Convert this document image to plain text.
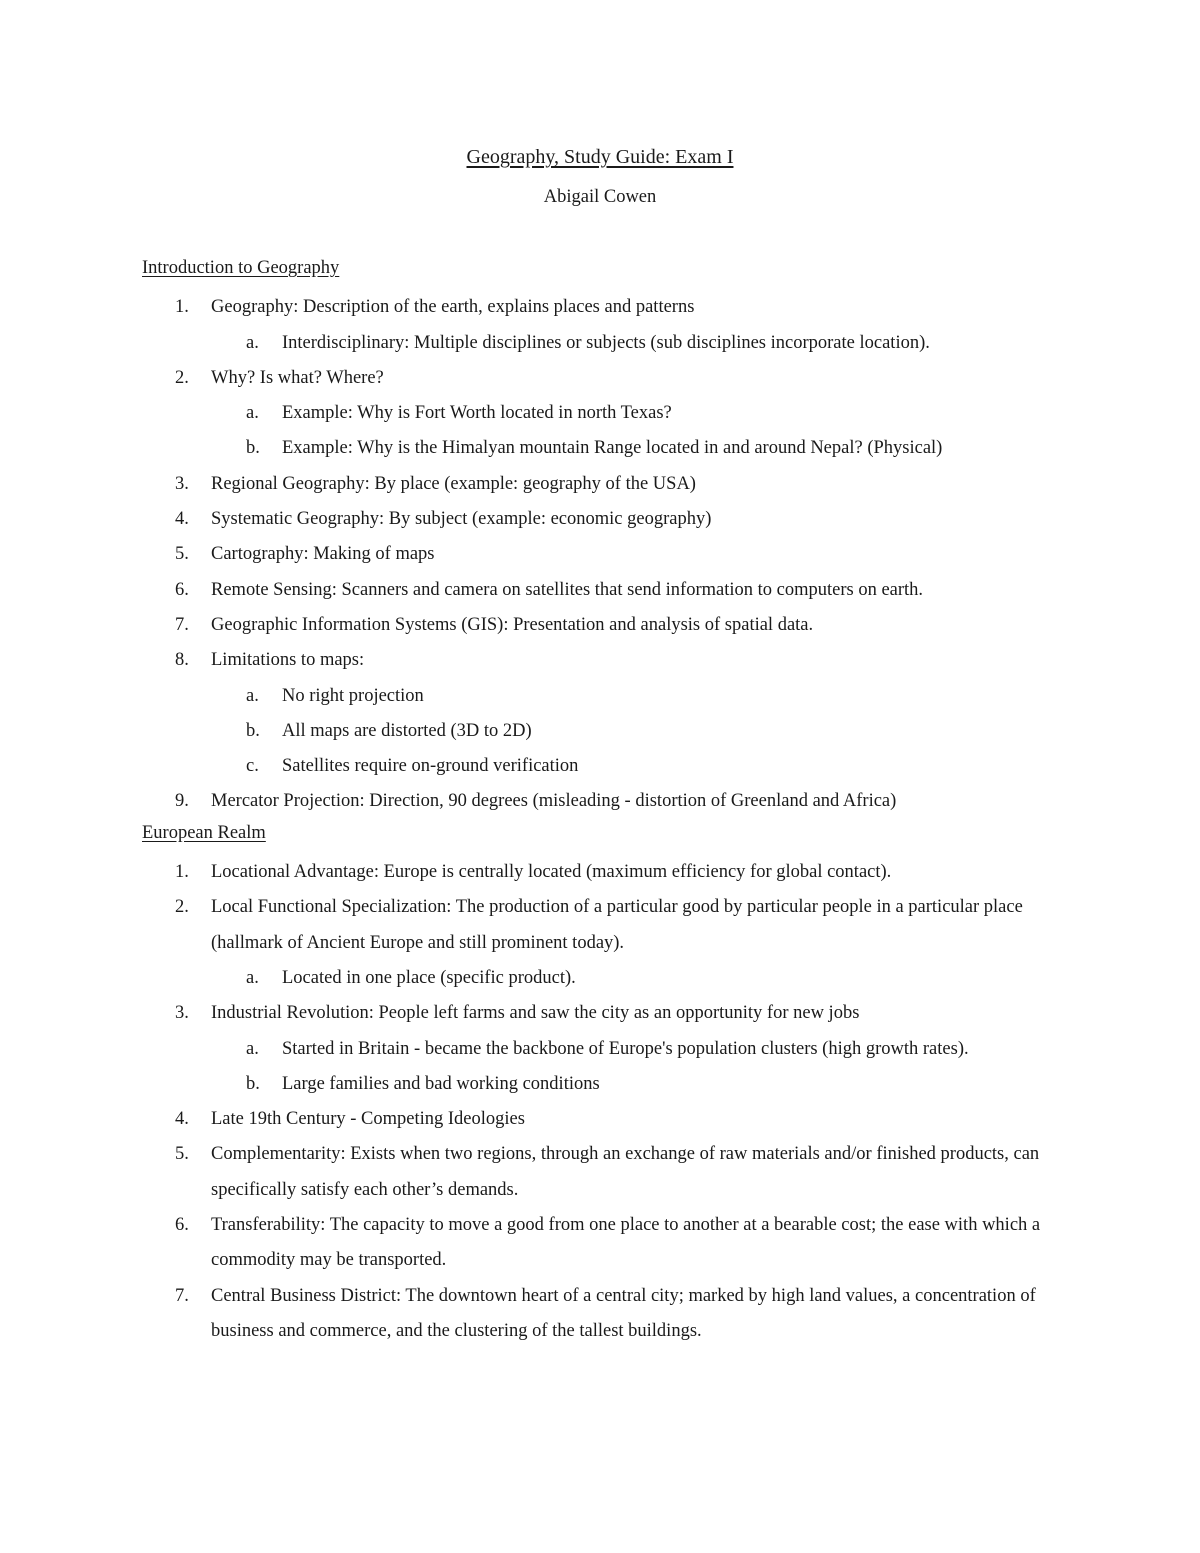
Geography, Study Guide: Exam I
Abigail Cowen
Introduction to Geography
1.	Geography: Description of the earth, explains places and patterns
a. Interdisciplinary: Multiple disciplines or subjects (sub disciplines incorporate location).
2.	Why? Is what? Where?
a. Example: Why is Fort Worth located in north Texas?
b. Example: Why is the Himalyan mountain Range located in and around Nepal? (Physical)
3.	Regional Geography: By place (example: geography of the USA)
4.	Systematic Geography: By subject (example: economic geography)
5.	Cartography: Making of maps
6.	Remote Sensing: Scanners and camera on satellites that send information to computers on earth.
7.	Geographic Information Systems (GIS): Presentation and analysis of spatial data.
8.	Limitations to maps:
a. No right projection
b. All maps are distorted (3D to 2D)
c. Satellites require on-ground verification
9.	Mercator Projection: Direction, 90 degrees (misleading - distortion of Greenland and Africa)
European Realm
1.	Locational Advantage: Europe is centrally located (maximum efficiency for global contact).
2.	Local Functional Specialization: The production of a particular good by particular people in a particular place (hallmark of Ancient Europe and still prominent today).
a. Located in one place (specific product).
3.	Industrial Revolution: People left farms and saw the city as an opportunity for new jobs
a. Started in Britain - became the backbone of Europe's population clusters (high growth rates).
b. Large families and bad working conditions
4.	Late 19th Century - Competing Ideologies
5.	Complementarity: Exists when two regions, through an exchange of raw materials and/or finished products, can specifically satisfy each other’s demands.
6.	Transferability: The capacity to move a good from one place to another at a bearable cost; the ease with which a commodity may be transported.
7.	Central Business District: The downtown heart of a central city; marked by high land values, a concentration of business and commerce, and the clustering of the tallest buildings.
